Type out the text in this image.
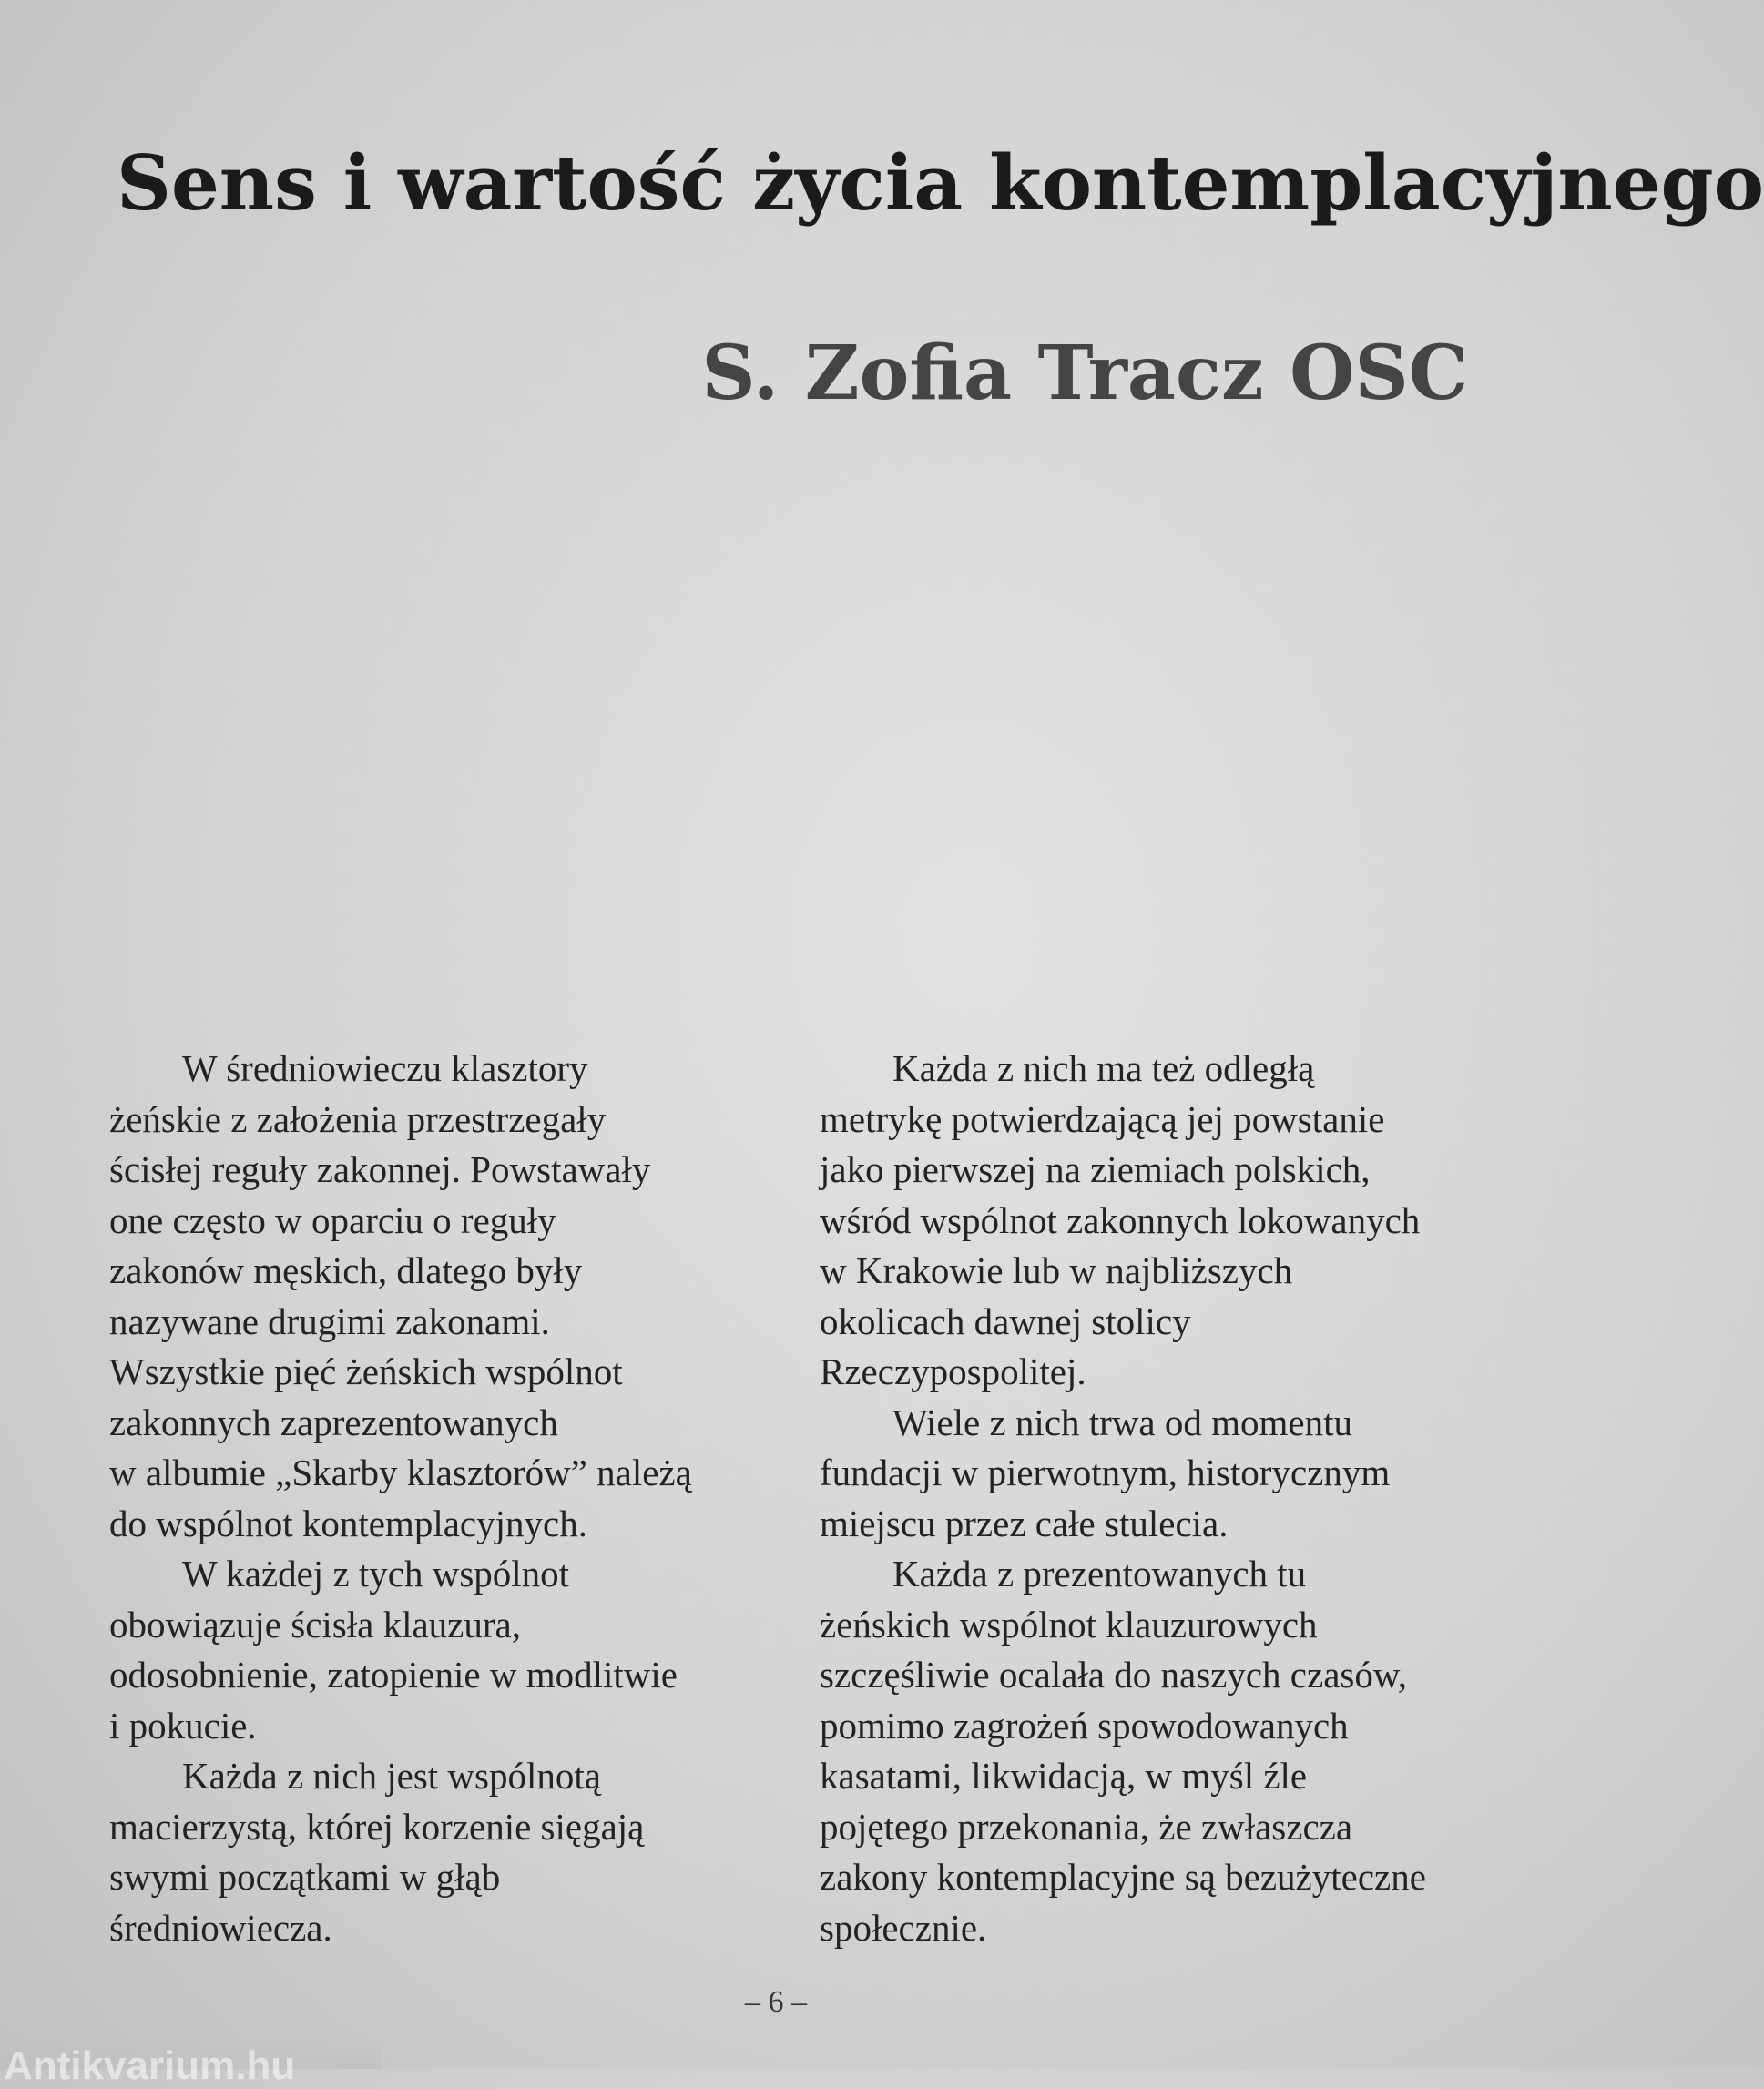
Sens i wartość życia kontemplacyjnego
S. Zofia Tracz OSC
W średniowieczu klasztory
żeńskie z założenia przestrzegały
ścisłej reguły zakonnej. Powstawały
one często w oparciu o reguły
zakonów męskich, dlatego były
nazywane drugimi zakonami.
Wszystkie pięć żeńskich wspólnot
zakonnych zaprezentowanych
w albumie „Skarby klasztorów” należą
do wspólnot kontemplacyjnych.
W każdej z tych wspólnot
obowiązuje ścisła klauzura,
odosobnienie, zatopienie w modlitwie
i pokucie.
Każda z nich jest wspólnotą
macierzystą, której korzenie sięgają
swymi początkami w głąb
średniowiecza.
Każda z nich ma też odległą
metrykę potwierdzającą jej powstanie
jako pierwszej na ziemiach polskich,
wśród wspólnot zakonnych lokowanych
w Krakowie lub w najbliższych
okolicach dawnej stolicy
Rzeczypospolitej.
Wiele z nich trwa od momentu
fundacji w pierwotnym, historycznym
miejscu przez całe stulecia.
Każda z prezentowanych tu
żeńskich wspólnot klauzurowych
szczęśliwie ocalała do naszych czasów,
pomimo zagrożeń spowodowanych
kasatami, likwidacją, w myśl źle
pojętego przekonania, że zwłaszcza
zakony kontemplacyjne są bezużyteczne
społecznie.
– 6 –
Antikvarium.hu
